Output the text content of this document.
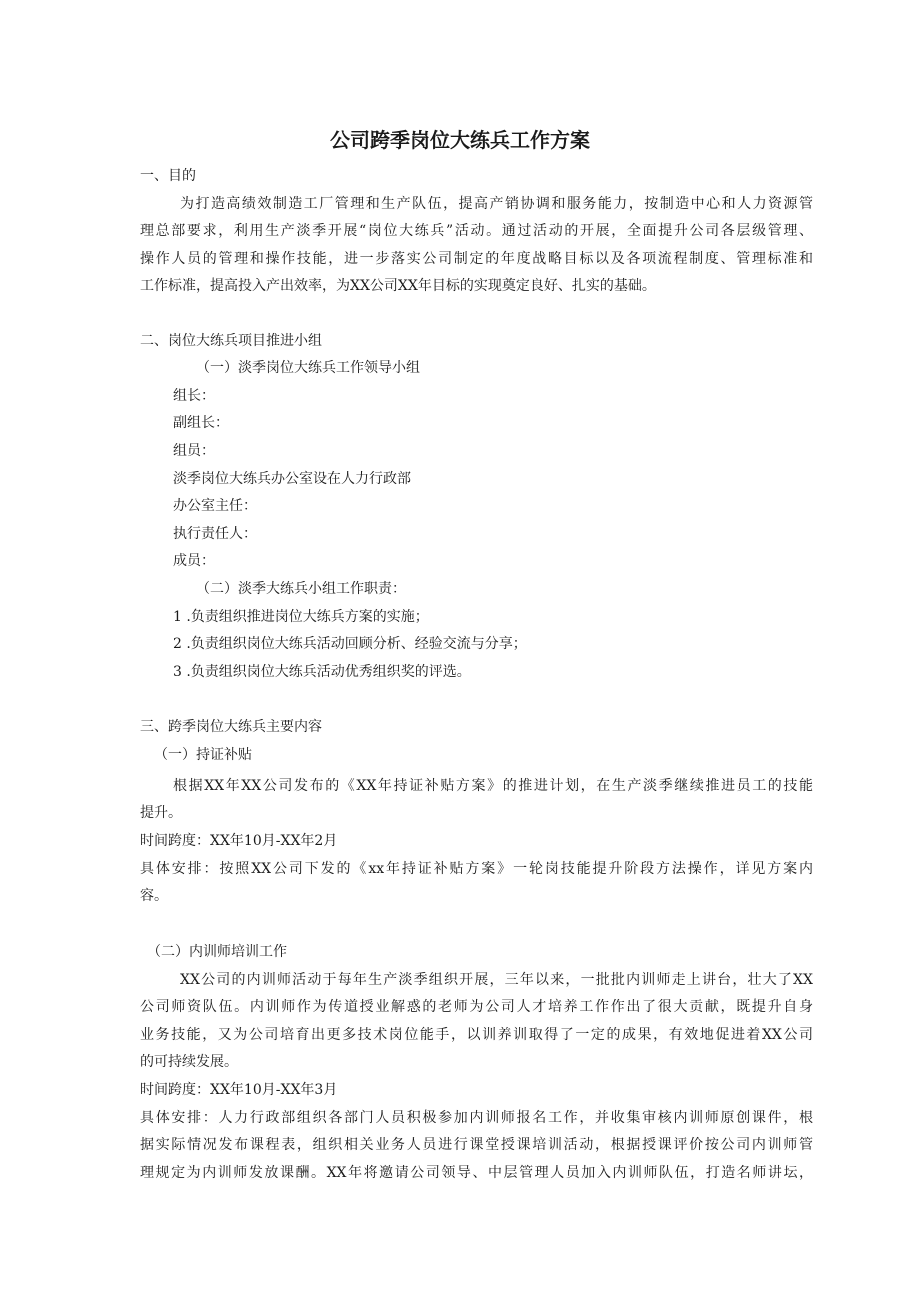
公司跨季岗位大练兵工作方案
一、目的
为打造高绩效制造工厂管理和生产队伍，提高产销协调和服务能力，按制造中心和人力资源管
理总部要求，利用生产淡季开展“岗位大练兵”活动。通过活动的开展，全面提升公司各层级管理、
操作人员的管理和操作技能，进一步落实公司制定的年度战略目标以及各项流程制度、管理标准和
工作标准，提高投入产出效率，为XX公司XX年目标的实现奠定良好、扎实的基础。
二、岗位大练兵项目推进小组
（一）淡季岗位大练兵工作领导小组
组长：
副组长：
组员：
淡季岗位大练兵办公室设在人力行政部
办公室主任：
执行责任人：
成员：
（二）淡季大练兵小组工作职责：
1 .负责组织推进岗位大练兵方案的实施；
2 .负责组织岗位大练兵活动回顾分析、经验交流与分享；
3 .负责组织岗位大练兵活动优秀组织奖的评选。
三、跨季岗位大练兵主要内容
（一）持证补贴
根据XX年XX公司发布的《XX年持证补贴方案》的推进计划，在生产淡季继续推进员工的技能
提升。
时间跨度：XX年10月-XX年2月
具体安排：按照XX公司下发的《xx年持证补贴方案》一轮岗技能提升阶段方法操作，详见方案内
容。
（二）内训师培训工作
XX公司的内训师活动于每年生产淡季组织开展，三年以来，一批批内训师走上讲台，壮大了XX
公司师资队伍。内训师作为传道授业解惑的老师为公司人才培养工作作出了很大贡献，既提升自身
业务技能，又为公司培育出更多技术岗位能手，以训养训取得了一定的成果，有效地促进着XX公司
的可持续发展。
时间跨度：XX年10月-XX年3月
具体安排：人力行政部组织各部门人员积极参加内训师报名工作，并收集审核内训师原创课件，根
据实际情况发布课程表，组织相关业务人员进行课堂授课培训活动，根据授课评价按公司内训师管
理规定为内训师发放课酬。XX年将邀请公司领导、中层管理人员加入内训师队伍，打造名师讲坛，
